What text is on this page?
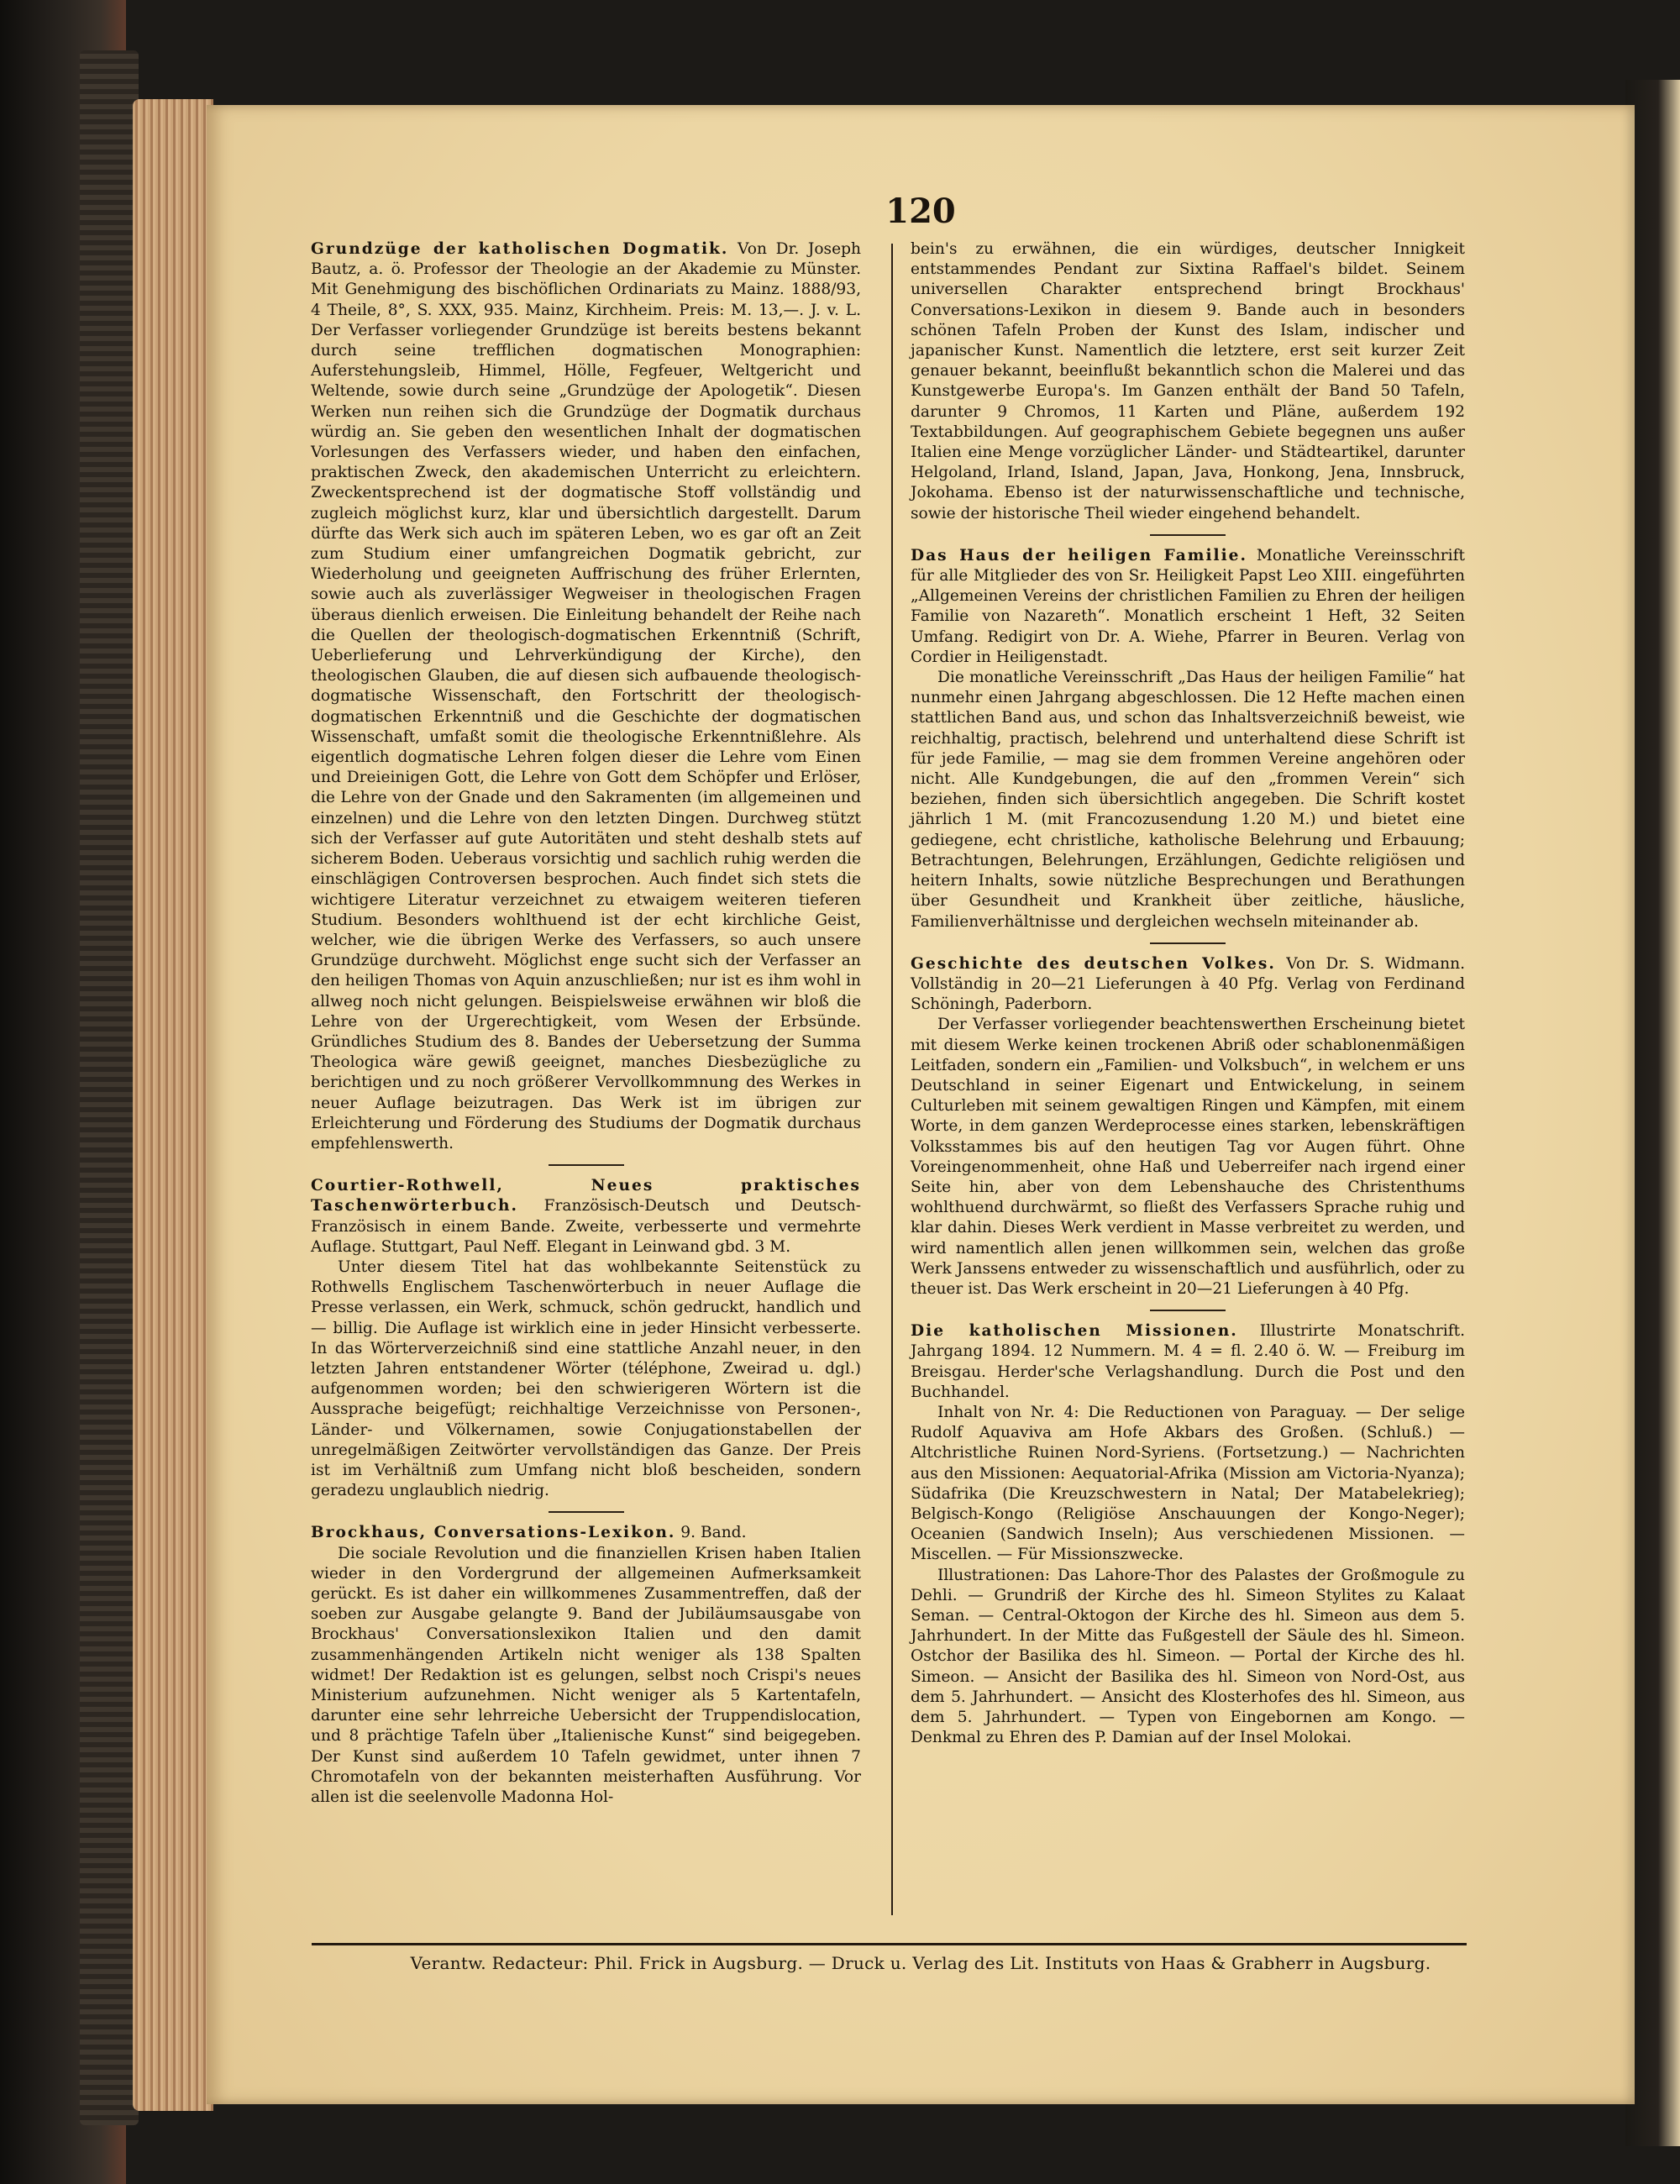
120

Grundzüge der katholischen Dogmatik. Von Dr. Joseph Bautz, a. ö. Professor der Theologie an der Akademie zu Münster. Mit Genehmigung des bischöflichen Ordinariats zu Mainz. 1888/93, 4 Theile, 8°, S. XXX, 935. Mainz, Kirchheim. Preis: M. 13,—. J. v. L. Der Verfasser vorliegender Grundzüge ist bereits bestens bekannt durch seine trefflichen dogmatischen Monographien: Auferstehungsleib, Himmel, Hölle, Fegfeuer, Weltgericht und Weltende, sowie durch seine „Grundzüge der Apologetik“. Diesen Werken nun reihen sich die Grundzüge der Dogmatik durchaus würdig an. Sie geben den wesentlichen Inhalt der dogmatischen Vorlesungen des Verfassers wieder, und haben den einfachen, praktischen Zweck, den akademischen Unterricht zu erleichtern. Zweckentsprechend ist der dogmatische Stoff vollständig und zugleich möglichst kurz, klar und übersichtlich dargestellt. Darum dürfte das Werk sich auch im späteren Leben, wo es gar oft an Zeit zum Studium einer umfangreichen Dogmatik gebricht, zur Wiederholung und geeigneten Auffrischung des früher Erlernten, sowie auch als zuverlässiger Wegweiser in theologischen Fragen überaus dienlich erweisen. Die Einleitung behandelt der Reihe nach die Quellen der theologisch-dogmatischen Erkenntniß (Schrift, Ueberlieferung und Lehrverkündigung der Kirche), den theologischen Glauben, die auf diesen sich aufbauende theologisch-dogmatische Wissenschaft, den Fortschritt der theologisch-dogmatischen Erkenntniß und die Geschichte der dogmatischen Wissenschaft, umfaßt somit die theologische Erkenntnißlehre. Als eigentlich dogmatische Lehren folgen dieser die Lehre vom Einen und Dreieinigen Gott, die Lehre von Gott dem Schöpfer und Erlöser, die Lehre von der Gnade und den Sakramenten (im allgemeinen und einzelnen) und die Lehre von den letzten Dingen. Durchweg stützt sich der Verfasser auf gute Autoritäten und steht deshalb stets auf sicherem Boden. Ueberaus vorsichtig und sachlich ruhig werden die einschlägigen Controversen besprochen. Auch findet sich stets die wichtigere Literatur verzeichnet zu etwaigem weiteren tieferen Studium. Besonders wohlthuend ist der echt kirchliche Geist, welcher, wie die übrigen Werke des Verfassers, so auch unsere Grundzüge durchweht. Möglichst enge sucht sich der Verfasser an den heiligen Thomas von Aquin anzuschließen; nur ist es ihm wohl in allweg noch nicht gelungen. Beispielsweise erwähnen wir bloß die Lehre von der Urgerechtigkeit, vom Wesen der Erbsünde. Gründliches Studium des 8. Bandes der Uebersetzung der Summa Theologica wäre gewiß geeignet, manches Diesbezügliche zu berichtigen und zu noch größerer Vervollkommnung des Werkes in neuer Auflage beizutragen. Das Werk ist im übrigen zur Erleichterung und Förderung des Studiums der Dogmatik durchaus empfehlenswerth.

Courtier-Rothwell, Neues praktisches Taschenwörterbuch. Französisch-Deutsch und Deutsch-Französisch in einem Bande. Zweite, verbesserte und vermehrte Auflage. Stuttgart, Paul Neff. Elegant in Leinwand gbd. 3 M.

Unter diesem Titel hat das wohlbekannte Seitenstück zu Rothwells Englischem Taschenwörterbuch in neuer Auflage die Presse verlassen, ein Werk, schmuck, schön gedruckt, handlich und — billig. Die Auflage ist wirklich eine in jeder Hinsicht verbesserte. In das Wörterverzeichniß sind eine stattliche Anzahl neuer, in den letzten Jahren entstandener Wörter (téléphone, Zweirad u. dgl.) aufgenommen worden; bei den schwierigeren Wörtern ist die Aussprache beigefügt; reichhaltige Verzeichnisse von Personen-, Länder- und Völkernamen, sowie Conjugationstabellen der unregelmäßigen Zeitwörter vervollständigen das Ganze. Der Preis ist im Verhältniß zum Umfang nicht bloß bescheiden, sondern geradezu unglaublich niedrig.

Brockhaus, Conversations-Lexikon. 9. Band.

Die sociale Revolution und die finanziellen Krisen haben Italien wieder in den Vordergrund der allgemeinen Aufmerksamkeit gerückt. Es ist daher ein willkommenes Zusammentreffen, daß der soeben zur Ausgabe gelangte 9. Band der Jubiläumsausgabe von Brockhaus' Conversationslexikon Italien und den damit zusammenhängenden Artikeln nicht weniger als 138 Spalten widmet! Der Redaktion ist es gelungen, selbst noch Crispi's neues Ministerium aufzunehmen. Nicht weniger als 5 Kartentafeln, darunter eine sehr lehrreiche Uebersicht der Truppendislocation, und 8 prächtige Tafeln über „Italienische Kunst“ sind beigegeben. Der Kunst sind außerdem 10 Tafeln gewidmet, unter ihnen 7 Chromotafeln von der bekannten meisterhaften Ausführung. Vor allen ist die seelenvolle Madonna Hol-

bein's zu erwähnen, die ein würdiges, deutscher Innigkeit entstammendes Pendant zur Sixtina Raffael's bildet. Seinem universellen Charakter entsprechend bringt Brockhaus' Conversations-Lexikon in diesem 9. Bande auch in besonders schönen Tafeln Proben der Kunst des Islam, indischer und japanischer Kunst. Namentlich die letztere, erst seit kurzer Zeit genauer bekannt, beeinflußt bekanntlich schon die Malerei und das Kunstgewerbe Europa's. Im Ganzen enthält der Band 50 Tafeln, darunter 9 Chromos, 11 Karten und Pläne, außerdem 192 Textabbildungen. Auf geographischem Gebiete begegnen uns außer Italien eine Menge vorzüglicher Länder- und Städteartikel, darunter Helgoland, Irland, Island, Japan, Java, Honkong, Jena, Innsbruck, Jokohama. Ebenso ist der naturwissenschaftliche und technische, sowie der historische Theil wieder eingehend behandelt.

Das Haus der heiligen Familie. Monatliche Vereinsschrift für alle Mitglieder des von Sr. Heiligkeit Papst Leo XIII. eingeführten „Allgemeinen Vereins der christlichen Familien zu Ehren der heiligen Familie von Nazareth“. Monatlich erscheint 1 Heft, 32 Seiten Umfang. Redigirt von Dr. A. Wiehe, Pfarrer in Beuren. Verlag von Cordier in Heiligenstadt.

Die monatliche Vereinsschrift „Das Haus der heiligen Familie“ hat nunmehr einen Jahrgang abgeschlossen. Die 12 Hefte machen einen stattlichen Band aus, und schon das Inhaltsverzeichniß beweist, wie reichhaltig, practisch, belehrend und unterhaltend diese Schrift ist für jede Familie, — mag sie dem frommen Vereine angehören oder nicht. Alle Kundgebungen, die auf den „frommen Verein“ sich beziehen, finden sich übersichtlich angegeben. Die Schrift kostet jährlich 1 M. (mit Francozusendung 1.20 M.) und bietet eine gediegene, echt christliche, katholische Belehrung und Erbauung; Betrachtungen, Belehrungen, Erzählungen, Gedichte religiösen und heitern Inhalts, sowie nützliche Besprechungen und Berathungen über Gesundheit und Krankheit über zeitliche, häusliche, Familienverhältnisse und dergleichen wechseln miteinander ab.

Geschichte des deutschen Volkes. Von Dr. S. Widmann. Vollständig in 20—21 Lieferungen à 40 Pfg. Verlag von Ferdinand Schöningh, Paderborn.

Der Verfasser vorliegender beachtenswerthen Erscheinung bietet mit diesem Werke keinen trockenen Abriß oder schablonenmäßigen Leitfaden, sondern ein „Familien- und Volksbuch“, in welchem er uns Deutschland in seiner Eigenart und Entwickelung, in seinem Culturleben mit seinem gewaltigen Ringen und Kämpfen, mit einem Worte, in dem ganzen Werdeprocesse eines starken, lebenskräftigen Volksstammes bis auf den heutigen Tag vor Augen führt. Ohne Voreingenommenheit, ohne Haß und Ueberreifer nach irgend einer Seite hin, aber von dem Lebenshauche des Christenthums wohlthuend durchwärmt, so fließt des Verfassers Sprache ruhig und klar dahin. Dieses Werk verdient in Masse verbreitet zu werden, und wird namentlich allen jenen willkommen sein, welchen das große Werk Janssens entweder zu wissenschaftlich und ausführlich, oder zu theuer ist. Das Werk erscheint in 20—21 Lieferungen à 40 Pfg.

Die katholischen Missionen. Illustrirte Monatschrift. Jahrgang 1894. 12 Nummern. M. 4 = fl. 2.40 ö. W. — Freiburg im Breisgau. Herder'sche Verlagshandlung. Durch die Post und den Buchhandel.

Inhalt von Nr. 4: Die Reductionen von Paraguay. — Der selige Rudolf Aquaviva am Hofe Akbars des Großen. (Schluß.) — Altchristliche Ruinen Nord-Syriens. (Fortsetzung.) — Nachrichten aus den Missionen: Aequatorial-Afrika (Mission am Victoria-Nyanza); Südafrika (Die Kreuzschwestern in Natal; Der Matabelekrieg); Belgisch-Kongo (Religiöse Anschauungen der Kongo-Neger); Oceanien (Sandwich Inseln); Aus verschiedenen Missionen. — Miscellen. — Für Missionszwecke.

Illustrationen: Das Lahore-Thor des Palastes der Großmogule zu Dehli. — Grundriß der Kirche des hl. Simeon Stylites zu Kalaat Seman. — Central-Oktogon der Kirche des hl. Simeon aus dem 5. Jahrhundert. In der Mitte das Fußgestell der Säule des hl. Simeon. Ostchor der Basilika des hl. Simeon. — Portal der Kirche des hl. Simeon. — Ansicht der Basilika des hl. Simeon von Nord-Ost, aus dem 5. Jahrhundert. — Ansicht des Klosterhofes des hl. Simeon, aus dem 5. Jahrhundert. — Typen von Eingebornen am Kongo. — Denkmal zu Ehren des P. Damian auf der Insel Molokai.

Verantw. Redacteur: Phil. Frick in Augsburg. — Druck u. Verlag des Lit. Instituts von Haas & Grabherr in Augsburg.
